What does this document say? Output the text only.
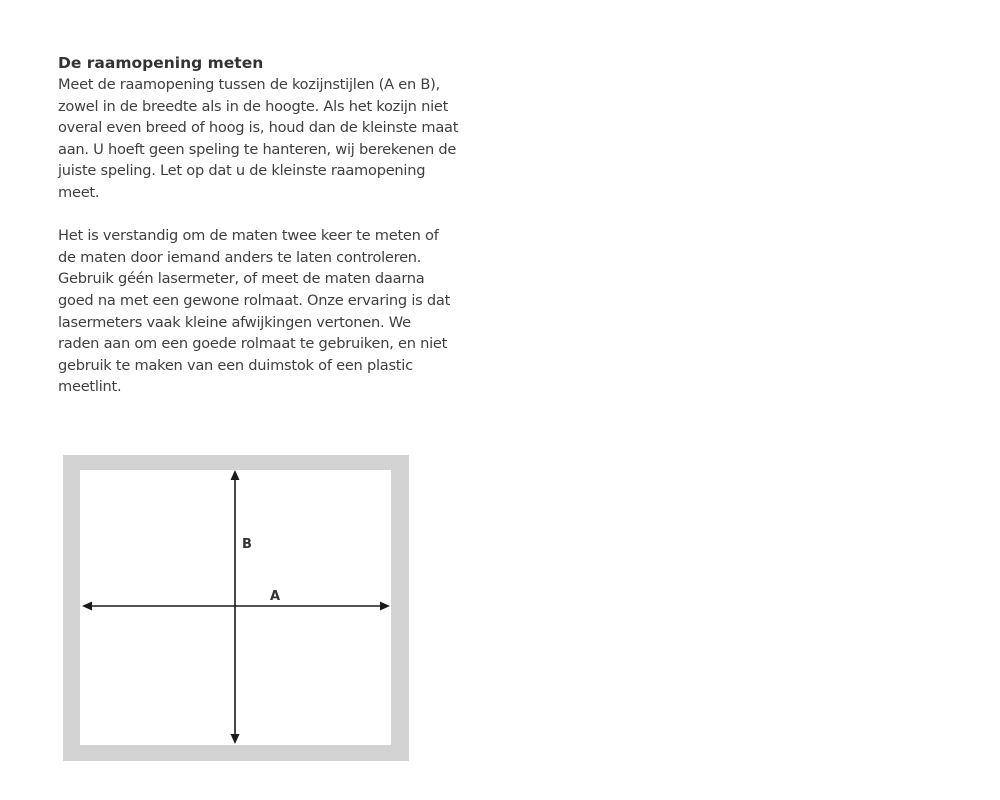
De raamopening meten

Meet de raamopening tussen de kozijnstijlen (A en B),
zowel in de breedte als in de hoogte. Als het kozijn niet
overal even breed of hoog is, houd dan de kleinste maat
aan. U hoeft geen speling te hanteren, wij berekenen de
juiste speling. Let op dat u de kleinste raamopening
meet.

Het is verstandig om de maten twee keer te meten of
de maten door iemand anders te laten controleren.
Gebruik géén lasermeter, of meet de maten daarna
goed na met een gewone rolmaat. Onze ervaring is dat
lasermeters vaak kleine afwijkingen vertonen. We
raden aan om een goede rolmaat te gebruiken, en niet
gebruik te maken van een duimstok of een plastic
meetlint.

B
A
